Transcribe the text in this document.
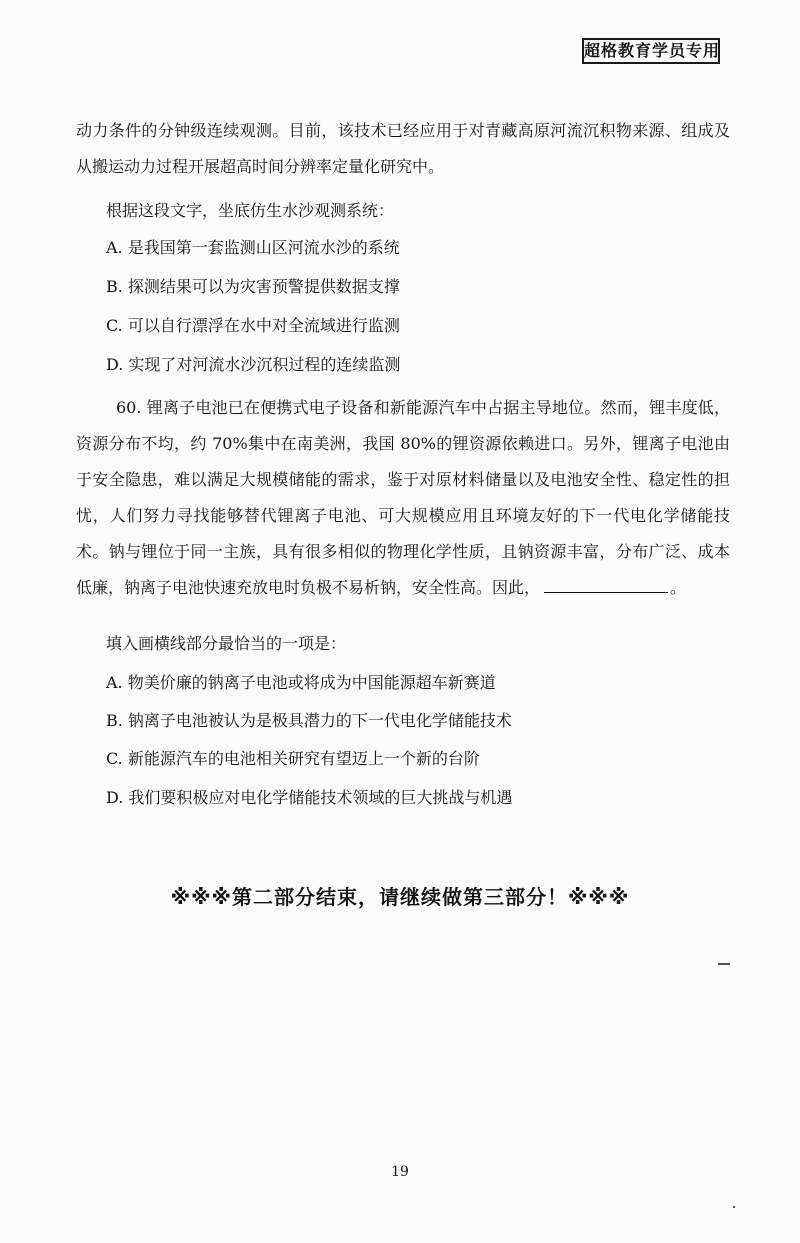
超格教育学员专用

动力条件的分钟级连续观测。目前，该技术已经应用于对青藏高原河流沉积物来源、组成及从搬运动力过程开展超高时间分辨率定量化研究中。

根据这段文字，坐底仿生水沙观测系统：
A. 是我国第一套监测山区河流水沙的系统
B. 探测结果可以为灾害预警提供数据支撑
C. 可以自行漂浮在水中对全流域进行监测
D. 实现了对河流水沙沉积过程的连续监测

60. 锂离子电池已在便携式电子设备和新能源汽车中占据主导地位。然而，锂丰度低，资源分布不均，约 70%集中在南美洲，我国 80%的锂资源依赖进口。另外，锂离子电池由于安全隐患，难以满足大规模储能的需求，鉴于对原材料储量以及电池安全性、稳定性的担忧，人们努力寻找能够替代锂离子电池、可大规模应用且环境友好的下一代电化学储能技术。钠与锂位于同一主族，具有很多相似的物理化学性质，且钠资源丰富，分布广泛、成本低廉，钠离子电池快速充放电时负极不易析钠，安全性高。因此，	。

填入画横线部分最恰当的一项是：
A. 物美价廉的钠离子电池或将成为中国能源超车新赛道
B. 钠离子电池被认为是极具潜力的下一代电化学储能技术
C. 新能源汽车的电池相关研究有望迈上一个新的台阶
D. 我们要积极应对电化学储能技术领域的巨大挑战与机遇
※※※第二部分结束，请继续做第三部分！※※※
19
